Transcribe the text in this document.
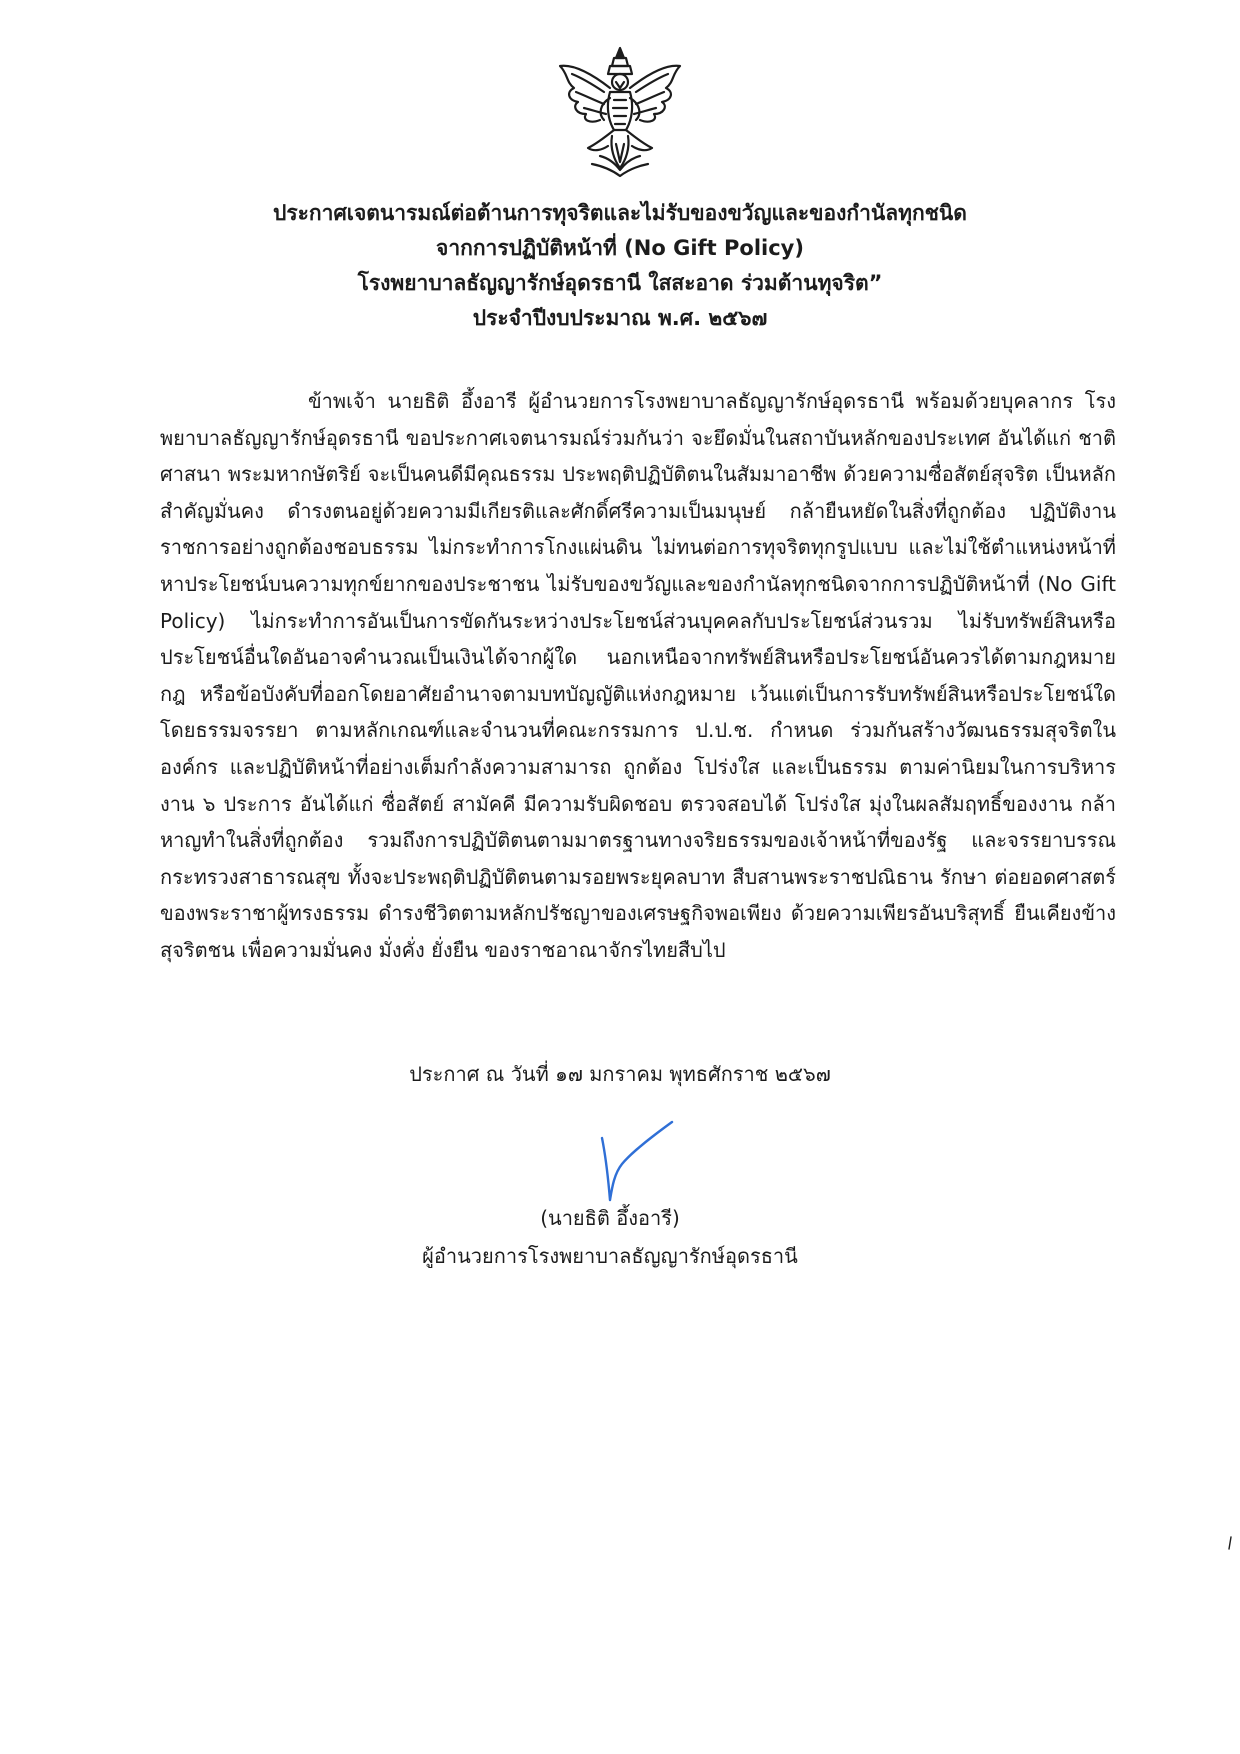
ประกาศเจตนารมณ์ต่อต้านการทุจริตและไม่รับของขวัญและของกำนัลทุกชนิด
จากการปฏิบัติหน้าที่ (No Gift Policy)
โรงพยาบาลธัญญารักษ์อุดรธานี ใสสะอาด ร่วมต้านทุจริต”
ประจำปีงบประมาณ พ.ศ. ๒๕๖๗

ข้าพเจ้า นายธิติ อึ้งอารี ผู้อำนวยการโรงพยาบาลธัญญารักษ์อุดรธานี พร้อมด้วยบุคลากร โรงพยาบาลธัญญารักษ์อุดรธานี ขอประกาศเจตนารมณ์ร่วมกันว่า จะยึดมั่นในสถาบันหลักของประเทศ อันได้แก่ ชาติ ศาสนา พระมหากษัตริย์ จะเป็นคนดีมีคุณธรรม ประพฤติปฏิบัติตนในสัมมาอาชีพ ด้วยความซื่อสัตย์สุจริต เป็นหลักสำคัญมั่นคง ดำรงตนอยู่ด้วยความมีเกียรติและศักดิ์ศรีความเป็นมนุษย์ กล้ายืนหยัดในสิ่งที่ถูกต้อง ปฏิบัติงานราชการอย่างถูกต้องชอบธรรม ไม่กระทำการโกงแผ่นดิน ไม่ทนต่อการทุจริตทุกรูปแบบ และไม่ใช้ตำแหน่งหน้าที่หาประโยชน์บนความทุกข์ยากของประชาชน ไม่รับของขวัญและของกำนัลทุกชนิดจากการปฏิบัติหน้าที่ (No Gift Policy) ไม่กระทำการอันเป็นการขัดกันระหว่างประโยชน์ส่วนบุคคลกับประโยชน์ส่วนรวม ไม่รับทรัพย์สินหรือประโยชน์อื่นใดอันอาจคำนวณเป็นเงินได้จากผู้ใด นอกเหนือจากทรัพย์สินหรือประโยชน์อันควรได้ตามกฎหมาย กฎ หรือข้อบังคับที่ออกโดยอาศัยอำนาจตามบทบัญญัติแห่งกฎหมาย เว้นแต่เป็นการรับทรัพย์สินหรือประโยชน์ใดโดยธรรมจรรยา ตามหลักเกณฑ์และจำนวนที่คณะกรรมการ ป.ป.ช. กำหนด ร่วมกันสร้างวัฒนธรรมสุจริตในองค์กร และปฏิบัติหน้าที่อย่างเต็มกำลังความสามารถ ถูกต้อง โปร่งใส และเป็นธรรม ตามค่านิยมในการบริหารงาน ๖ ประการ อันได้แก่ ซื่อสัตย์ สามัคคี มีความรับผิดชอบ ตรวจสอบได้ โปร่งใส มุ่งในผลสัมฤทธิ์ของงาน กล้าหาญทำในสิ่งที่ถูกต้อง รวมถึงการปฏิบัติตนตามมาตรฐานทางจริยธรรมของเจ้าหน้าที่ของรัฐ และจรรยาบรรณกระทรวงสาธารณสุข ทั้งจะประพฤติปฏิบัติตนตามรอยพระยุคลบาท สืบสานพระราชปณิธาน รักษา ต่อยอดศาสตร์ของพระราชาผู้ทรงธรรม ดำรงชีวิตตามหลักปรัชญาของเศรษฐกิจพอเพียง ด้วยความเพียรอันบริสุทธิ์ ยืนเคียงข้างสุจริตชน เพื่อความมั่นคง มั่งคั่ง ยั่งยืน ของราชอาณาจักรไทยสืบไป

ประกาศ ณ วันที่ ๑๗ มกราคม พุทธศักราช ๒๕๖๗
(นายธิติ อึ้งอารี)
ผู้อำนวยการโรงพยาบาลธัญญารักษ์อุดรธานี
